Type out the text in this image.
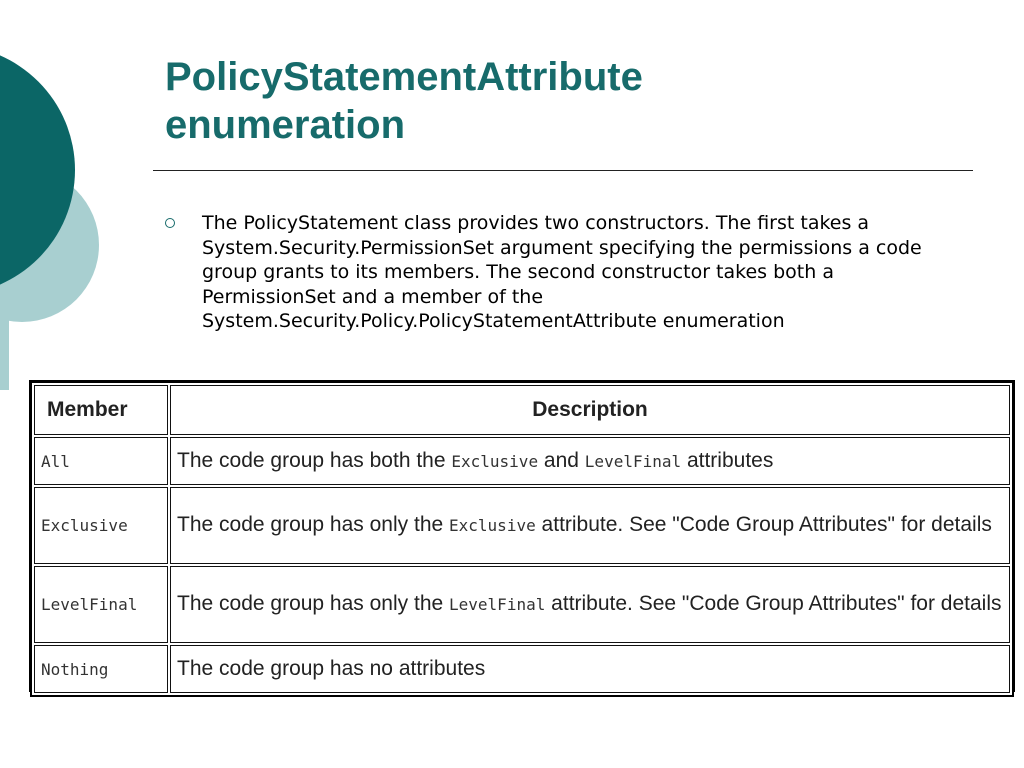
PolicyStatementAttribute
enumeration
The PolicyStatement class provides two constructors. The first takes a System.Security.PermissionSet argument specifying the permissions a code group grants to its members. The second constructor takes both a PermissionSet and a member of the System.Security.Policy.PolicyStatementAttribute enumeration
Member	Description
All	The code group has both the Exclusive and LevelFinal attributes
Exclusive	The code group has only the Exclusive attribute. See "Code Group Attributes" for details
LevelFinal	The code group has only the LevelFinal attribute. See "Code Group Attributes" for details
Nothing	The code group has no attributes
